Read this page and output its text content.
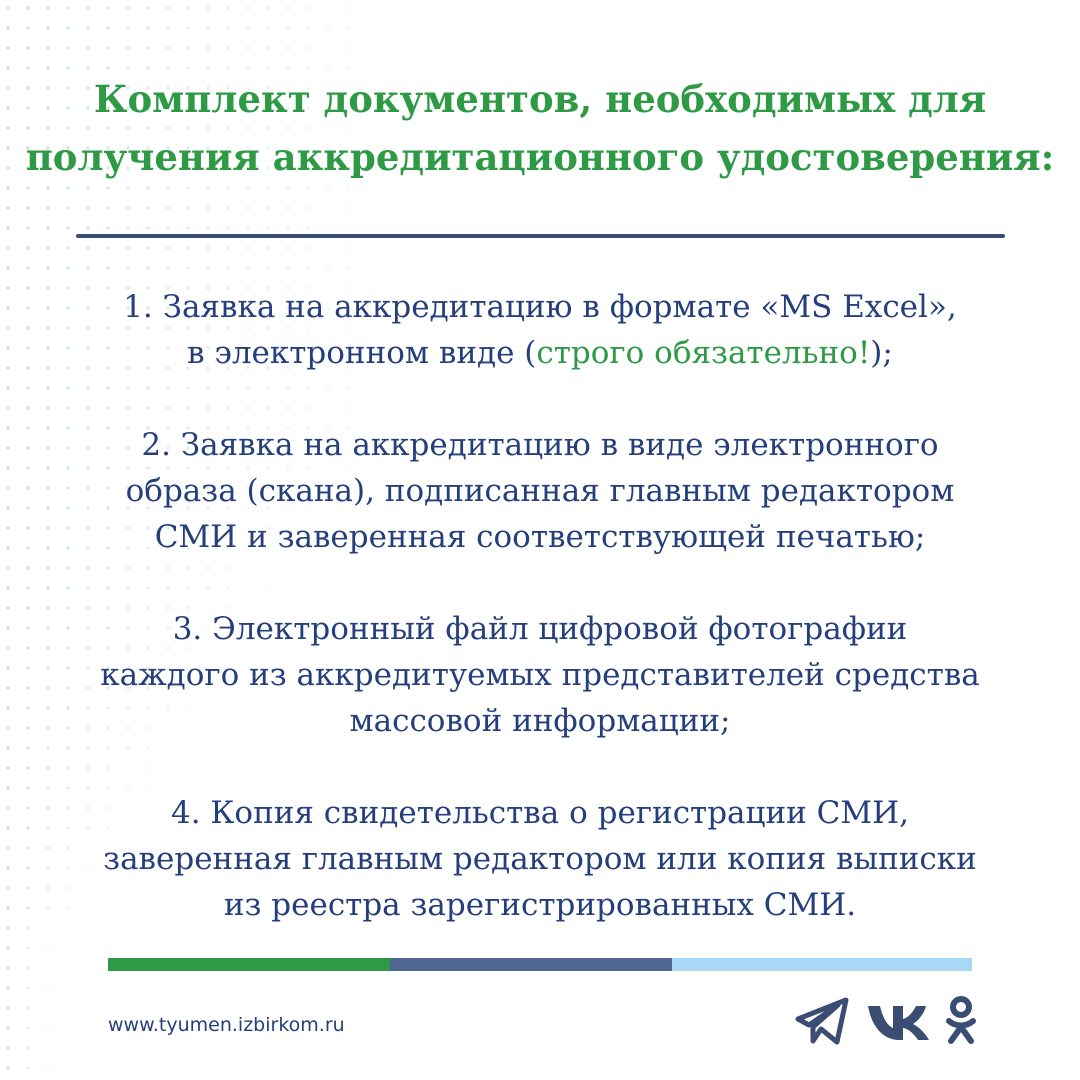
Комплект документов, необходимых для
получения аккредитационного удостоверения:
1. Заявка на аккредитацию в формате «MS Excel»,
в электронном виде (строго обязательно!);
2. Заявка на аккредитацию в виде электронного
образа (скана), подписанная главным редактором
СМИ и заверенная соответствующей печатью;
3. Электронный файл цифровой фотографии
каждого из аккредитуемых представителей средства
массовой информации;
4. Копия свидетельства о регистрации СМИ,
заверенная главным редактором или копия выписки
из реестра зарегистрированных СМИ.
www.tyumen.izbirkom.ru
